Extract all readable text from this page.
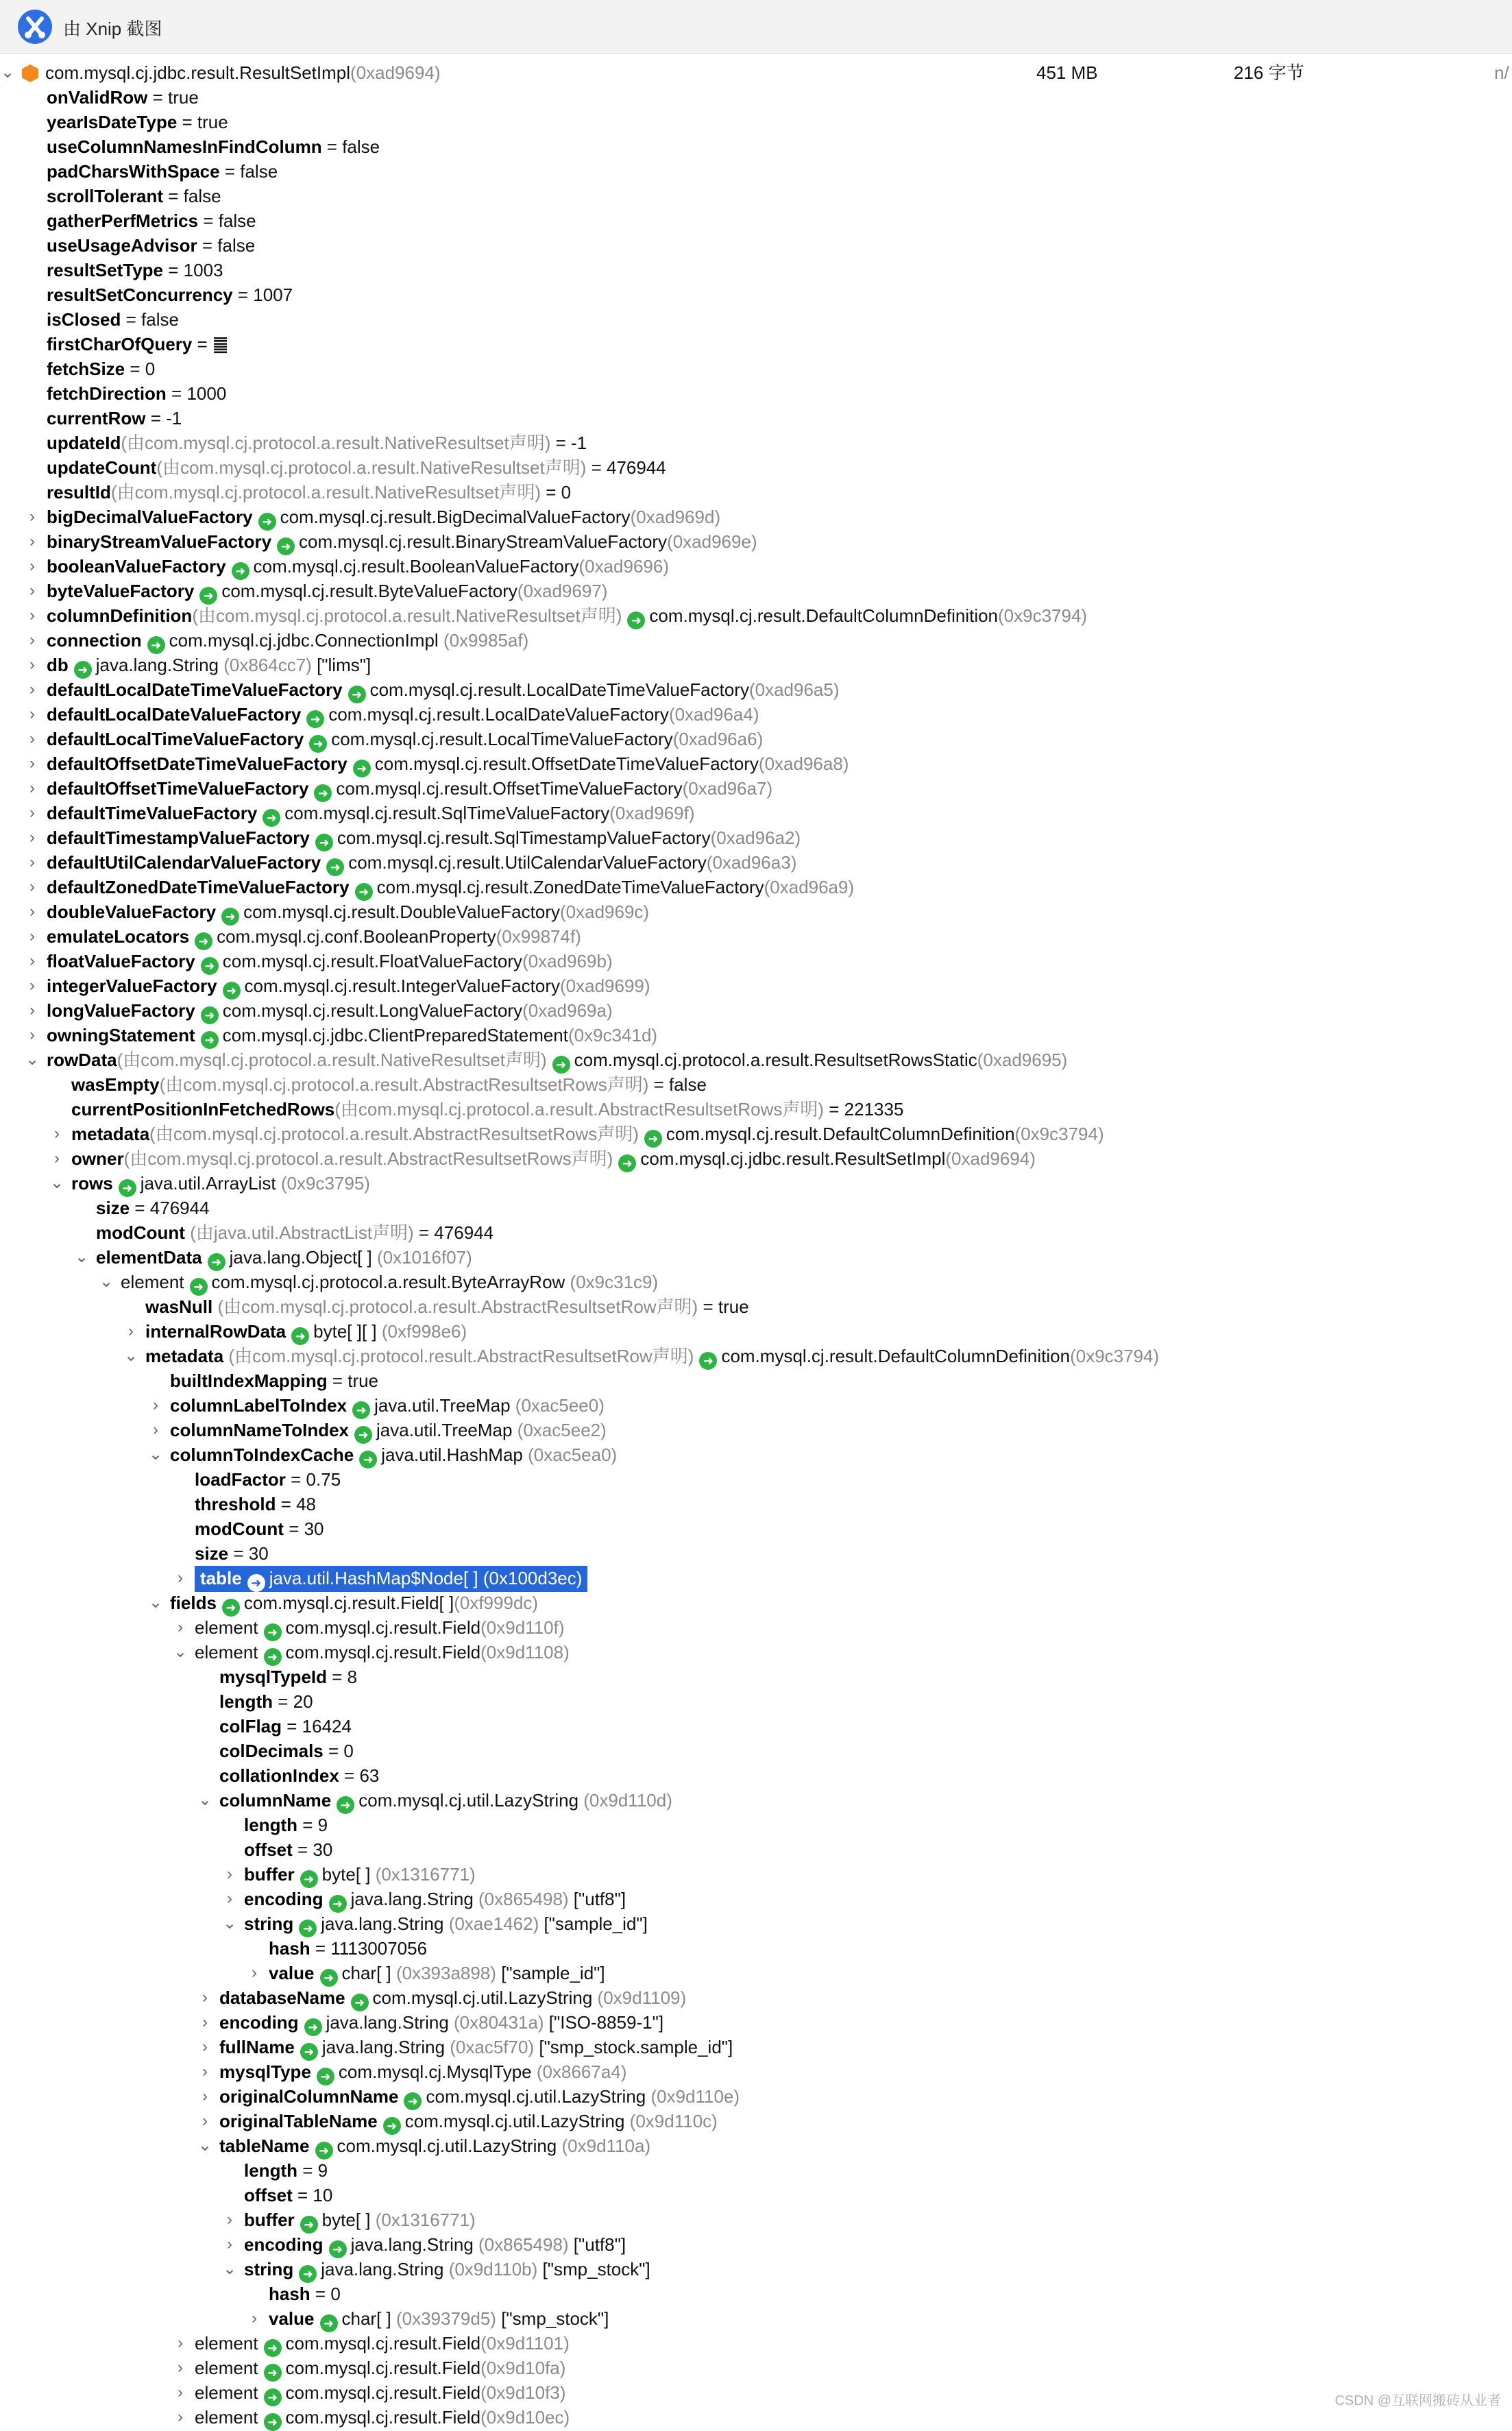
由 Xnip 截图
⌄	com.mysql.cj.jdbc.result.ResultSetImpl(0xad9694)	451 MB	216 字节	n/
onValidRow = true
yearIsDateType = true
useColumnNamesInFindColumn = false
padCharsWithSpace = false
scrollTolerant = false
gatherPerfMetrics = false
useUsageAdvisor = false
resultSetType = 1003
resultSetConcurrency = 1007
isClosed = false
firstCharOfQuery = ䷀
fetchSize = 0
fetchDirection = 1000
currentRow = -1
updateId(由com.mysql.cj.protocol.a.result.NativeResultset声明) = -1
updateCount(由com.mysql.cj.protocol.a.result.NativeResultset声明) = 476944
resultId(由com.mysql.cj.protocol.a.result.NativeResultset声明) = 0
› bigDecimalValueFactory ➜ com.mysql.cj.result.BigDecimalValueFactory(0xad969d)
› binaryStreamValueFactory ➜ com.mysql.cj.result.BinaryStreamValueFactory(0xad969e)
› booleanValueFactory ➜ com.mysql.cj.result.BooleanValueFactory(0xad9696)
› byteValueFactory ➜ com.mysql.cj.result.ByteValueFactory(0xad9697)
› columnDefinition(由com.mysql.cj.protocol.a.result.NativeResultset声明) ➜ com.mysql.cj.result.DefaultColumnDefinition(0x9c3794)
› connection ➜ com.mysql.cj.jdbc.ConnectionImpl (0x9985af)
› db ➜ java.lang.String (0x864cc7) ["lims"]
› defaultLocalDateTimeValueFactory ➜ com.mysql.cj.result.LocalDateTimeValueFactory(0xad96a5)
› defaultLocalDateValueFactory ➜ com.mysql.cj.result.LocalDateValueFactory(0xad96a4)
› defaultLocalTimeValueFactory ➜ com.mysql.cj.result.LocalTimeValueFactory(0xad96a6)
› defaultOffsetDateTimeValueFactory ➜ com.mysql.cj.result.OffsetDateTimeValueFactory(0xad96a8)
› defaultOffsetTimeValueFactory ➜ com.mysql.cj.result.OffsetTimeValueFactory(0xad96a7)
› defaultTimeValueFactory ➜ com.mysql.cj.result.SqlTimeValueFactory(0xad969f)
› defaultTimestampValueFactory ➜ com.mysql.cj.result.SqlTimestampValueFactory(0xad96a2)
› defaultUtilCalendarValueFactory ➜ com.mysql.cj.result.UtilCalendarValueFactory(0xad96a3)
› defaultZonedDateTimeValueFactory ➜ com.mysql.cj.result.ZonedDateTimeValueFactory(0xad96a9)
› doubleValueFactory ➜ com.mysql.cj.result.DoubleValueFactory(0xad969c)
› emulateLocators ➜ com.mysql.cj.conf.BooleanProperty(0x99874f)
› floatValueFactory ➜ com.mysql.cj.result.FloatValueFactory(0xad969b)
› integerValueFactory ➜ com.mysql.cj.result.IntegerValueFactory(0xad9699)
› longValueFactory ➜ com.mysql.cj.result.LongValueFactory(0xad969a)
› owningStatement ➜ com.mysql.cj.jdbc.ClientPreparedStatement(0x9c341d)
⌄ rowData(由com.mysql.cj.protocol.a.result.NativeResultset声明) ➜ com.mysql.cj.protocol.a.result.ResultsetRowsStatic(0xad9695)
wasEmpty(由com.mysql.cj.protocol.a.result.AbstractResultsetRows声明) = false
currentPositionInFetchedRows(由com.mysql.cj.protocol.a.result.AbstractResultsetRows声明) = 221335
› metadata(由com.mysql.cj.protocol.a.result.AbstractResultsetRows声明) ➜ com.mysql.cj.result.DefaultColumnDefinition(0x9c3794)
› owner(由com.mysql.cj.protocol.a.result.AbstractResultsetRows声明) ➜ com.mysql.cj.jdbc.result.ResultSetImpl(0xad9694)
⌄ rows ➜ java.util.ArrayList (0x9c3795)
size = 476944
modCount (由java.util.AbstractList声明) = 476944
⌄ elementData ➜ java.lang.Object[ ] (0x1016f07)
⌄ element ➜ com.mysql.cj.protocol.a.result.ByteArrayRow (0x9c31c9)
wasNull (由com.mysql.cj.protocol.a.result.AbstractResultsetRow声明) = true
› internalRowData ➜ byte[ ][ ] (0xf998e6)
⌄ metadata (由com.mysql.cj.protocol.result.AbstractResultsetRow声明) ➜ com.mysql.cj.result.DefaultColumnDefinition(0x9c3794)
builtIndexMapping = true
› columnLabelToIndex ➜ java.util.TreeMap (0xac5ee0)
› columnNameToIndex ➜ java.util.TreeMap (0xac5ee2)
⌄ columnToIndexCache ➜ java.util.HashMap (0xac5ea0)
loadFactor = 0.75
threshold = 48
modCount = 30
size = 30
› table ➜ java.util.HashMap$Node[ ] (0x100d3ec)
⌄ fields ➜ com.mysql.cj.result.Field[ ](0xf999dc)
› element ➜ com.mysql.cj.result.Field(0x9d110f)
⌄ element ➜ com.mysql.cj.result.Field(0x9d1108)
mysqlTypeId = 8
length = 20
colFlag = 16424
colDecimals = 0
collationIndex = 63
⌄ columnName ➜ com.mysql.cj.util.LazyString (0x9d110d)
length = 9
offset = 30
› buffer ➜ byte[ ] (0x1316771)
› encoding ➜ java.lang.String (0x865498) ["utf8"]
⌄ string ➜ java.lang.String (0xae1462) ["sample_id"]
hash = 1113007056
› value ➜ char[ ] (0x393a898) ["sample_id"]
› databaseName ➜ com.mysql.cj.util.LazyString (0x9d1109)
› encoding ➜ java.lang.String (0x80431a) ["ISO-8859-1"]
› fullName ➜ java.lang.String (0xac5f70) ["smp_stock.sample_id"]
› mysqlType ➜ com.mysql.cj.MysqlType (0x8667a4)
› originalColumnName ➜ com.mysql.cj.util.LazyString (0x9d110e)
› originalTableName ➜ com.mysql.cj.util.LazyString (0x9d110c)
⌄ tableName ➜ com.mysql.cj.util.LazyString (0x9d110a)
length = 9
offset = 10
› buffer ➜ byte[ ] (0x1316771)
› encoding ➜ java.lang.String (0x865498) ["utf8"]
⌄ string ➜ java.lang.String (0x9d110b) ["smp_stock"]
hash = 0
› value ➜ char[ ] (0x39379d5) ["smp_stock"]
› element ➜ com.mysql.cj.result.Field(0x9d1101)
› element ➜ com.mysql.cj.result.Field(0x9d10fa)
› element ➜ com.mysql.cj.result.Field(0x9d10f3)
› element ➜ com.mysql.cj.result.Field(0x9d10ec)
CSDN @互联网搬砖从业者
